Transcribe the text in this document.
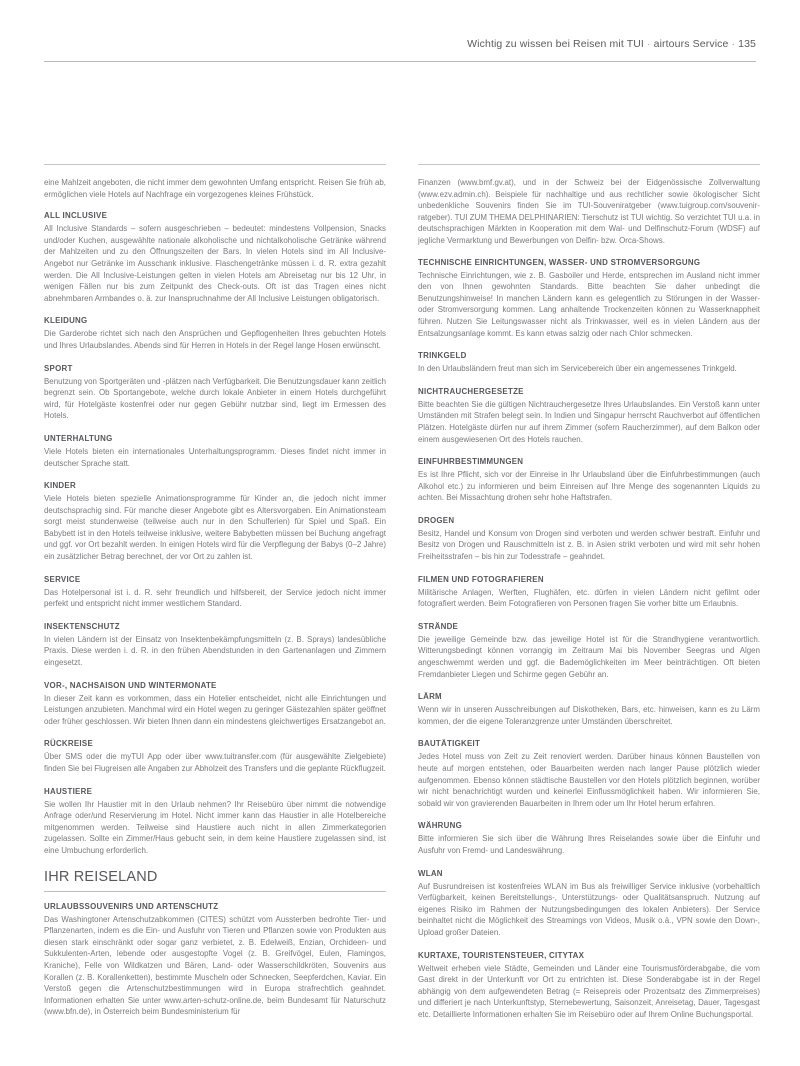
Wichtig zu wissen bei Reisen mit TUI · airtours Service · 135

eine Mahlzeit angeboten, die nicht immer dem gewohnten Umfang entspricht. Reisen Sie früh ab, ermöglichen viele Hotels auf Nachfrage ein vorgezogenes kleines Frühstück.

ALL INCLUSIVE

All Inclusive Standards – sofern ausgeschrieben – bedeutet: mindestens Vollpension, Snacks und/oder Kuchen, ausgewählte nationale alkoholische und nichtalkoholische Getränke während der Mahlzeiten und zu den Öffnungszeiten der Bars. In vielen Hotels sind im All Inclusive-Angebot nur Getränke im Ausschank inklusive. Flaschengetränke müssen i. d. R. extra gezahlt werden. Die All Inclusive-Leistungen gelten in vielen Hotels am Abreisetag nur bis 12 Uhr, in wenigen Fällen nur bis zum Zeitpunkt des Check-outs. Oft ist das Tragen eines nicht abnehmbaren Armbandes o. ä. zur Inanspruchnahme der All Inclusive Leistungen obligatorisch.

KLEIDUNG

Die Garderobe richtet sich nach den Ansprüchen und Gepflogenheiten Ihres gebuchten Hotels und Ihres Urlaubslandes. Abends sind für Herren in Hotels in der Regel lange Hosen erwünscht.

SPORT

Benutzung von Sportgeräten und -plätzen nach Verfügbarkeit. Die Benutzungsdauer kann zeitlich begrenzt sein. Ob Sportangebote, welche durch lokale Anbieter in einem Hotels durchgeführt wird, für Hotelgäste kostenfrei oder nur gegen Gebühr nutzbar sind, liegt im Ermessen des Hotels.

UNTERHALTUNG

Viele Hotels bieten ein internationales Unterhaltungsprogramm. Dieses findet nicht immer in deutscher Sprache statt.

KINDER

Viele Hotels bieten spezielle Animationsprogramme für Kinder an, die jedoch nicht immer deutschsprachig sind. Für manche dieser Angebote gibt es Altersvorgaben. Ein Animationsteam sorgt meist stundenweise (teilweise auch nur in den Schulferien) für Spiel und Spaß. Ein Babybett ist in den Hotels teilweise inklusive, weitere Babybetten müssen bei Buchung angefragt und ggf. vor Ort bezahlt werden. In einigen Hotels wird für die Verpflegung der Babys (0–2 Jahre) ein zusätzlicher Betrag berechnet, der vor Ort zu zahlen ist.

SERVICE

Das Hotelpersonal ist i. d. R. sehr freundlich und hilfsbereit, der Service jedoch nicht immer perfekt und entspricht nicht immer westlichem Standard.

INSEKTENSCHUTZ

In vielen Ländern ist der Einsatz von Insektenbekämpfungsmitteln (z. B. Sprays) landesübliche Praxis. Diese werden i. d. R. in den frühen Abendstunden in den Gartenanlagen und Zimmern eingesetzt.

VOR-, NACHSAISON UND WINTERMONATE

In dieser Zeit kann es vorkommen, dass ein Hotelier entscheidet, nicht alle Einrichtungen und Leistungen anzubieten. Manchmal wird ein Hotel wegen zu geringer Gästezahlen später geöffnet oder früher geschlossen. Wir bieten Ihnen dann ein mindestens gleichwertiges Ersatzangebot an.

RÜCKREISE

Über SMS oder die myTUI App oder über www.tuitransfer.com (für ausgewählte Zielgebiete) finden Sie bei Flugreisen alle Angaben zur Abholzeit des Transfers und die geplante Rückflugzeit.

HAUSTIERE

Sie wollen Ihr Haustier mit in den Urlaub nehmen? Ihr Reisebüro über nimmt die notwendige Anfrage oder/und Reservierung im Hotel. Nicht immer kann das Haustier in alle Hotelbereiche mitgenommen werden. Teilweise sind Haustiere auch nicht in allen Zimmerkategorien zugelassen. Sollte ein Zimmer/Haus gebucht sein, in dem keine Haustiere zugelassen sind, ist eine Umbuchung erforderlich.

IHR REISELAND
URLAUBSSOUVENIRS UND ARTENSCHUTZ

Das Washingtoner Artenschutzabkommen (CITES) schützt vom Aussterben bedrohte Tier- und Pflanzenarten, indem es die Ein- und Ausfuhr von Tieren und Pflanzen sowie von Produkten aus diesen stark einschränkt oder sogar ganz verbietet, z. B. Edelweiß, Enzian, Orchideen- und Sukkulenten-Arten, lebende oder ausgestopfte Vogel (z. B. Greifvögel, Eulen, Flamingos, Kraniche), Felle von Wildkatzen und Bären, Land- oder Wasserschildkröten, Souvenirs aus Korallen (z. B. Korallenketten), bestimmte Muscheln oder Schnecken, Seepferdchen, Kaviar. Ein Verstoß gegen die Artenschutzbestimmungen wird in Europa strafrechtlich geahndet. Informationen erhalten Sie unter www.arten-schutz-online.de, beim Bundesamt für Naturschutz (www.bfn.de), in Österreich beim Bundesministerium für

Finanzen (www.bmf.gv.at), und in der Schweiz bei der Eidgenössische Zollverwaltung (www.ezv.admin.ch). Beispiele für nachhaltige und aus rechtlicher sowie ökologischer Sicht unbedenkliche Souvenirs finden Sie im TUI-Souveniratgeber (www.tuigroup.com/souvenir-ratgeber). TUI ZUM THEMA DELPHINARIEN: Tierschutz ist TUI wichtig. So verzichtet TUI u.a. in deutschsprachigen Märkten in Kooperation mit dem Wal- und Delfinschutz-Forum (WDSF) auf jegliche Vermarktung und Bewerbungen von Delfin- bzw. Orca-Shows.

TECHNISCHE EINRICHTUNGEN, WASSER- UND STROMVERSORGUNG

Technische Einrichtungen, wie z. B. Gasboiler und Herde, entsprechen im Ausland nicht immer den von Ihnen gewohnten Standards. Bitte beachten Sie daher unbedingt die Benutzungshinweise! In manchen Ländern kann es gelegentlich zu Störungen in der Wasser- oder Stromversorgung kommen. Lang anhaltende Trockenzeiten können zu Wasserknappheit führen. Nutzen Sie Leitungswasser nicht als Trinkwasser, weil es in vielen Ländern aus der Entsalzungsanlage kommt. Es kann etwas salzig oder nach Chlor schmecken.

TRINKGELD

In den Urlaubsländern freut man sich im Servicebereich über ein angemessenes Trinkgeld.

NICHTRAUCHERGESETZE

Bitte beachten Sie die gültigen Nichtrauchergesetze Ihres Urlaubslandes. Ein Verstoß kann unter Umständen mit Strafen belegt sein. In Indien und Singapur herrscht Rauchverbot auf öffentlichen Plätzen. Hotelgäste dürfen nur auf ihrem Zimmer (sofern Raucherzimmer), auf dem Balkon oder einem ausgewiesenen Ort des Hotels rauchen.

EINFUHRBESTIMMUNGEN

Es ist Ihre Pflicht, sich vor der Einreise in Ihr Urlaubsland über die Einfuhrbestimmungen (auch Alkohol etc.) zu informieren und beim Einreisen auf Ihre Menge des sogenannten Liquids zu achten. Bei Missachtung drohen sehr hohe Haftstrafen.

DROGEN

Besitz, Handel und Konsum von Drogen sind verboten und werden schwer bestraft. Einfuhr und Besitz von Drogen und Rauschmitteln ist z. B. in Asien strikt verboten und wird mit sehr hohen Freiheitsstrafen – bis hin zur Todesstrafe – geahndet.

FILMEN UND FOTOGRAFIEREN

Militärische Anlagen, Werften, Flughäfen, etc. dürfen in vielen Ländern nicht gefilmt oder fotografiert werden. Beim Fotografieren von Personen fragen Sie vorher bitte um Erlaubnis.

STRÄNDE

Die jeweilige Gemeinde bzw. das jeweilige Hotel ist für die Strandhygiene verantwortlich. Witterungsbedingt können vorrangig im Zeitraum Mai bis November Seegras und Algen angeschwemmt werden und ggf. die Bademöglichkeiten im Meer beinträchtigen. Oft bieten Fremdanbieter Liegen und Schirme gegen Gebühr an.

LÄRM

Wenn wir in unseren Ausschreibungen auf Diskotheken, Bars, etc. hinweisen, kann es zu Lärm kommen, der die eigene Toleranzgrenze unter Umständen überschreitet.

BAUTÄTIGKEIT

Jedes Hotel muss von Zeit zu Zeit renoviert werden. Darüber hinaus können Baustellen von heute auf morgen entstehen, oder Bauarbeiten werden nach langer Pause plötzlich wieder aufgenommen. Ebenso können städtische Baustellen vor den Hotels plötzlich beginnen, worüber wir nicht benachrichtigt wurden und keinerlei Einflussmöglichkeit haben. Wir informieren Sie, sobald wir von gravierenden Bauarbeiten in Ihrem oder um Ihr Hotel herum erfahren.

WÄHRUNG

Bitte informieren Sie sich über die Währung Ihres Reiselandes sowie über die Einfuhr und Ausfuhr von Fremd- und Landeswährung.

WLAN

Auf Busrundreisen ist kostenfreies WLAN im Bus als freiwilliger Service inklusive (vorbehaltlich Verfügbarkeit, keinen Bereitstellungs-, Unterstützungs- oder Qualitätsanspruch. Nutzung auf eigenes Risiko im Rahmen der Nutzungsbedingungen des lokalen Anbieters). Der Service beinhaltet nicht die Möglichkeit des Streamings von Videos, Musik o.ä., VPN sowie den Down-, Upload großer Dateien.

KURTAXE, TOURISTENSTEUER, CITYTAX

Weltweit erheben viele Städte, Gemeinden und Länder eine Tourismusförderabgabe, die vom Gast direkt in der Unterkunft vor Ort zu entrichten ist. Diese Sonderabgabe ist in der Regel abhängig von dem aufgewendeten Betrag (= Reisepreis oder Prozentsatz des Zimmerpreises) und differiert je nach Unterkunftstyp, Sternebewertung, Saisonzeit, Anreisetag, Dauer, Tagesgast etc. Detaillierte Informationen erhalten Sie im Reisebüro oder auf Ihrem Online Buchungsportal.
